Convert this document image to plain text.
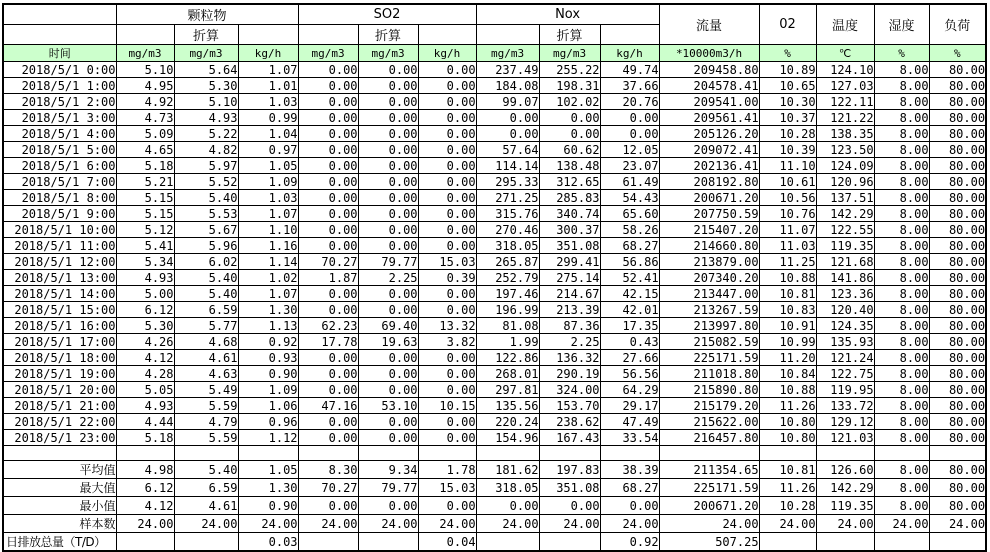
	颗粒物			SO2			Nox			流量	02	温度	湿度	负荷
		折算			折算			折算						
时间	mg/m3	mg/m3	kg/h	mg/m3	mg/m3	kg/h	mg/m3	mg/m3	kg/h	*10000m3/h	%	℃	%	%
2018/5/1 0:00	5.10	5.64	1.07	0.00	0.00	0.00	237.49	255.22	49.74	209458.80	10.89	124.10	8.00	80.00
2018/5/1 1:00	4.95	5.30	1.01	0.00	0.00	0.00	184.08	198.31	37.66	204578.41	10.65	127.03	8.00	80.00
2018/5/1 2:00	4.92	5.10	1.03	0.00	0.00	0.00	99.07	102.02	20.76	209541.00	10.30	122.11	8.00	80.00
2018/5/1 3:00	4.73	4.93	0.99	0.00	0.00	0.00	0.00	0.00	0.00	209561.41	10.37	121.22	8.00	80.00
2018/5/1 4:00	5.09	5.22	1.04	0.00	0.00	0.00	0.00	0.00	0.00	205126.20	10.28	138.35	8.00	80.00
2018/5/1 5:00	4.65	4.82	0.97	0.00	0.00	0.00	57.64	60.62	12.05	209072.41	10.39	123.50	8.00	80.00
2018/5/1 6:00	5.18	5.97	1.05	0.00	0.00	0.00	114.14	138.48	23.07	202136.41	11.10	124.09	8.00	80.00
2018/5/1 7:00	5.21	5.52	1.09	0.00	0.00	0.00	295.33	312.65	61.49	208192.80	10.61	120.96	8.00	80.00
2018/5/1 8:00	5.15	5.40	1.03	0.00	0.00	0.00	271.25	285.83	54.43	200671.20	10.56	137.51	8.00	80.00
2018/5/1 9:00	5.15	5.53	1.07	0.00	0.00	0.00	315.76	340.74	65.60	207750.59	10.76	142.29	8.00	80.00
2018/5/1 10:00	5.12	5.67	1.10	0.00	0.00	0.00	270.46	300.37	58.26	215407.20	11.07	122.55	8.00	80.00
2018/5/1 11:00	5.41	5.96	1.16	0.00	0.00	0.00	318.05	351.08	68.27	214660.80	11.03	119.35	8.00	80.00
2018/5/1 12:00	5.34	6.02	1.14	70.27	79.77	15.03	265.87	299.41	56.86	213879.00	11.25	121.68	8.00	80.00
2018/5/1 13:00	4.93	5.40	1.02	1.87	2.25	0.39	252.79	275.14	52.41	207340.20	10.88	141.86	8.00	80.00
2018/5/1 14:00	5.00	5.40	1.07	0.00	0.00	0.00	197.46	214.67	42.15	213447.00	10.81	123.36	8.00	80.00
2018/5/1 15:00	6.12	6.59	1.30	0.00	0.00	0.00	196.99	213.39	42.01	213267.59	10.83	120.40	8.00	80.00
2018/5/1 16:00	5.30	5.77	1.13	62.23	69.40	13.32	81.08	87.36	17.35	213997.80	10.91	124.35	8.00	80.00
2018/5/1 17:00	4.26	4.68	0.92	17.78	19.63	3.82	1.99	2.25	0.43	215082.59	10.99	135.93	8.00	80.00
2018/5/1 18:00	4.12	4.61	0.93	0.00	0.00	0.00	122.86	136.32	27.66	225171.59	11.20	121.24	8.00	80.00
2018/5/1 19:00	4.28	4.63	0.90	0.00	0.00	0.00	268.01	290.19	56.56	211018.80	10.84	122.75	8.00	80.00
2018/5/1 20:00	5.05	5.49	1.09	0.00	0.00	0.00	297.81	324.00	64.29	215890.80	10.88	119.95	8.00	80.00
2018/5/1 21:00	4.93	5.59	1.06	47.16	53.10	10.15	135.56	153.70	29.17	215179.20	11.26	133.72	8.00	80.00
2018/5/1 22:00	4.44	4.79	0.96	0.00	0.00	0.00	220.24	238.62	47.49	215622.00	10.80	129.12	8.00	80.00
2018/5/1 23:00	5.18	5.59	1.12	0.00	0.00	0.00	154.96	167.43	33.54	216457.80	10.80	121.03	8.00	80.00

平均值	4.98	5.40	1.05	8.30	9.34	1.78	181.62	197.83	38.39	211354.65	10.81	126.60	8.00	80.00
最大值	6.12	6.59	1.30	70.27	79.77	15.03	318.05	351.08	68.27	225171.59	11.26	142.29	8.00	80.00
最小值	4.12	4.61	0.90	0.00	0.00	0.00	0.00	0.00	0.00	200671.20	10.28	119.35	8.00	80.00
样本数	24.00	24.00	24.00	24.00	24.00	24.00	24.00	24.00	24.00	24.00	24.00	24.00	24.00	24.00
日排放总量（T/D）			0.03			0.04			0.92	507.25				
